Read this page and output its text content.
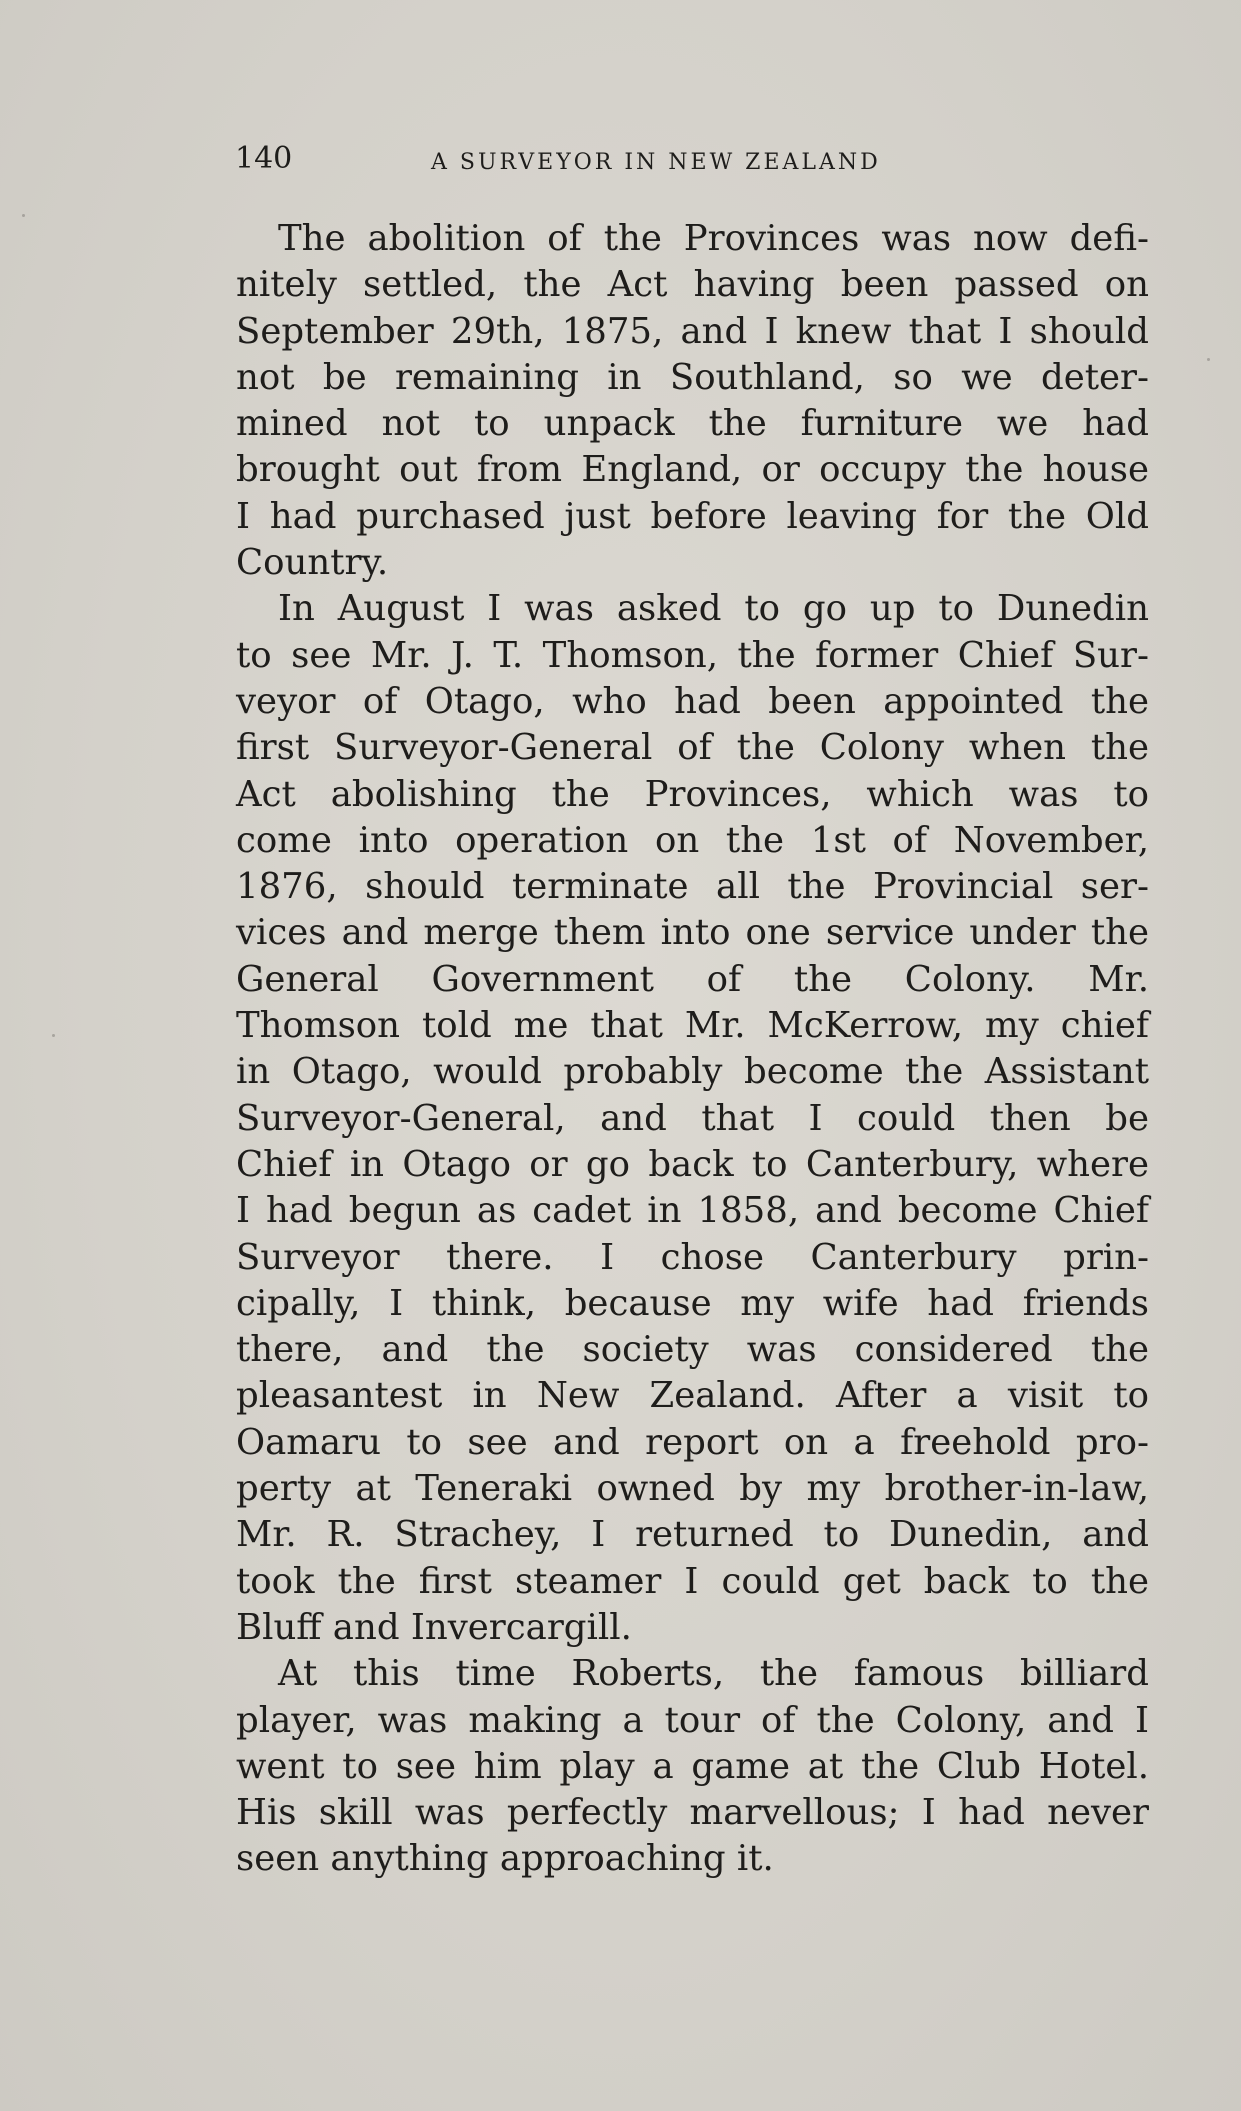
140	A SURVEYOR IN NEW ZEALAND

The abolition of the Provinces was now defi-
nitely settled, the Act having been passed on
September 29th, 1875, and I knew that I should
not be remaining in Southland, so we deter-
mined not to unpack the furniture we had
brought out from England, or occupy the house
I had purchased just before leaving for the Old
Country.

In August I was asked to go up to Dunedin
to see Mr. J. T. Thomson, the former Chief Sur-
veyor of Otago, who had been appointed the
first Surveyor-General of the Colony when the
Act abolishing the Provinces, which was to
come into operation on the 1st of November,
1876, should terminate all the Provincial ser-
vices and merge them into one service under the
General Government of the Colony. Mr.
Thomson told me that Mr. McKerrow, my chief
in Otago, would probably become the Assistant
Surveyor-General, and that I could then be
Chief in Otago or go back to Canterbury, where
I had begun as cadet in 1858, and become Chief
Surveyor there. I chose Canterbury prin-
cipally, I think, because my wife had friends
there, and the society was considered the
pleasantest in New Zealand. After a visit to
Oamaru to see and report on a freehold pro-
perty at Teneraki owned by my brother-in-law,
Mr. R. Strachey, I returned to Dunedin, and
took the first steamer I could get back to the
Bluff and Invercargill.

At this time Roberts, the famous billiard
player, was making a tour of the Colony, and I
went to see him play a game at the Club Hotel.
His skill was perfectly marvellous; I had never
seen anything approaching it.
